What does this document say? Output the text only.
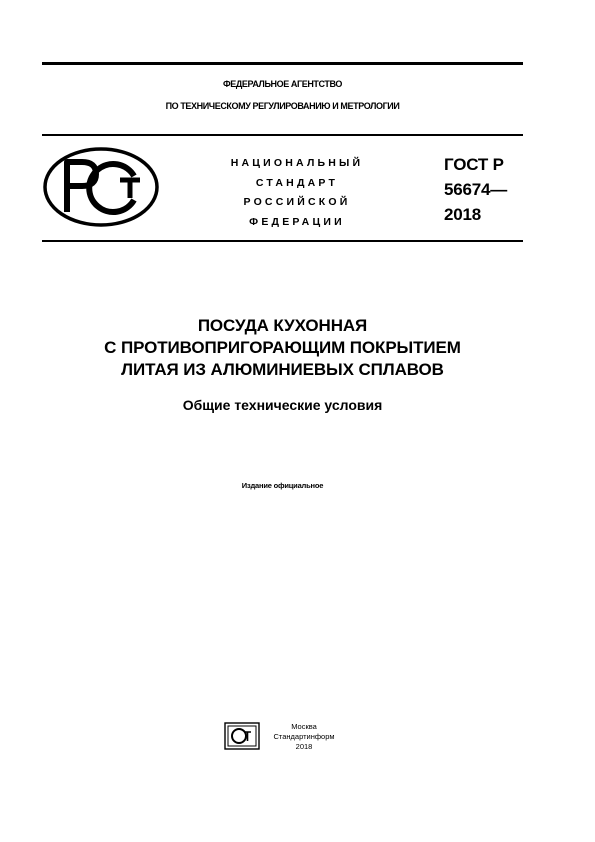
ФЕДЕРАЛЬНОЕ АГЕНТСТВО
ПО ТЕХНИЧЕСКОМУ РЕГУЛИРОВАНИЮ И МЕТРОЛОГИИ
НАЦИОНАЛЬНЫЙ
СТАНДАРТ
РОССИЙСКОЙ
ФЕДЕРАЦИИ
ГОСТ Р
56674—
2018
ПОСУДА КУХОННАЯ
С ПРОТИВОПРИГОРАЮЩИМ ПОКРЫТИЕМ
ЛИТАЯ ИЗ АЛЮМИНИЕВЫХ СПЛАВОВ
Общие технические условия
Издание официальное
Москва
Стандартинформ
2018
